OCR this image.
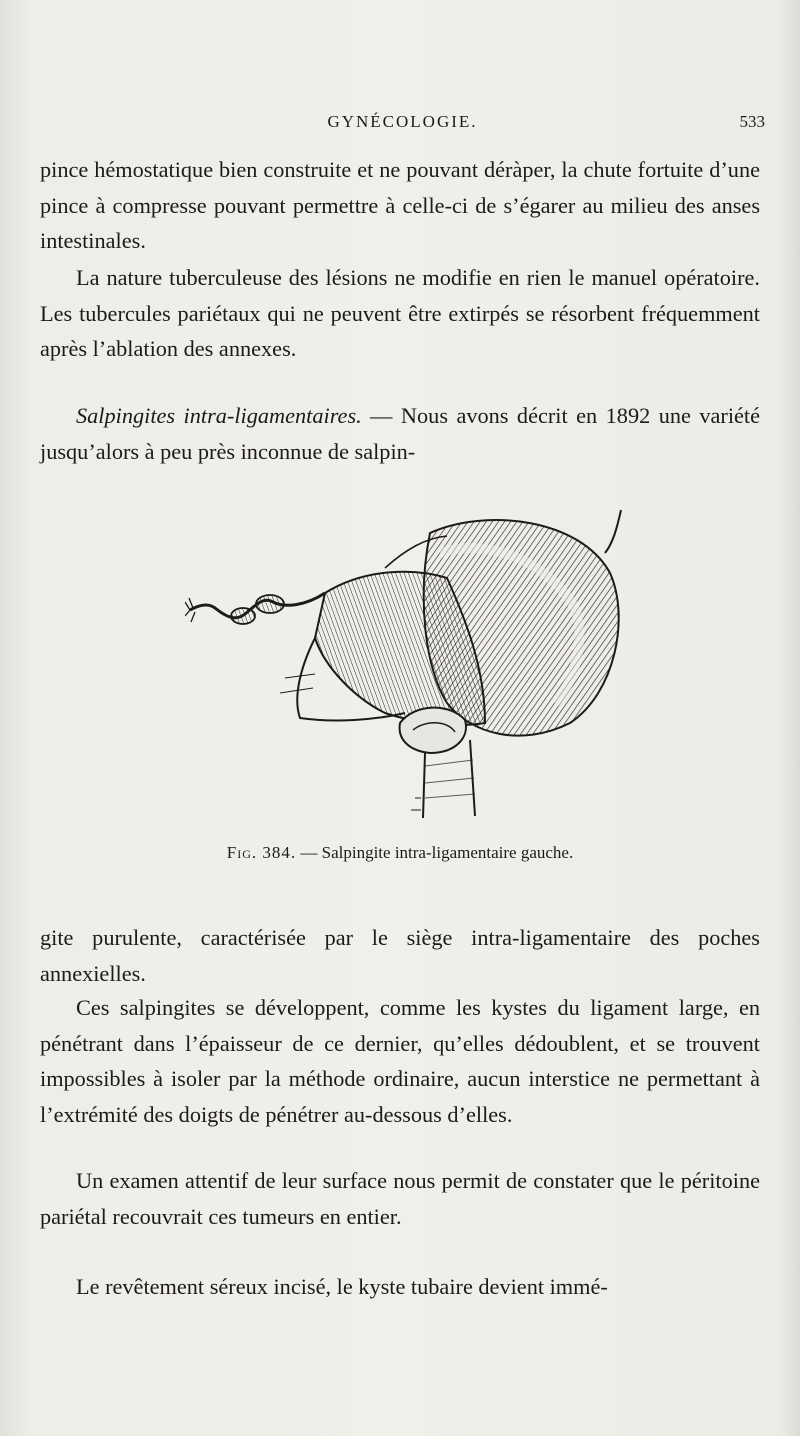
GYNÉCOLOGIE.	533

pince hémostatique bien construite et ne pouvant déràper, la chute fortuite d’une pince à compresse pouvant permettre à celle-ci de s’égarer au milieu des anses intestinales.

La nature tuberculeuse des lésions ne modifie en rien le manuel opératoire. Les tubercules pariétaux qui ne peuvent être extirpés se résorbent fréquemment après l’ablation des annexes.

Salpingites intra-ligamentaires. — Nous avons décrit en 1892 une variété jusqu’alors à peu près inconnue de salpin-

Fig. 384. — Salpingite intra-ligamentaire gauche.

gite purulente, caractérisée par le siège intra-ligamentaire des poches annexielles.

Ces salpingites se développent, comme les kystes du ligament large, en pénétrant dans l’épaisseur de ce dernier, qu’elles dédoublent, et se trouvent impossibles à isoler par la méthode ordinaire, aucun interstice ne permettant à l’extrémité des doigts de pénétrer au-dessous d’elles.

Un examen attentif de leur surface nous permit de constater que le péritoine pariétal recouvrait ces tumeurs en entier.

Le revêtement séreux incisé, le kyste tubaire devient immé-
